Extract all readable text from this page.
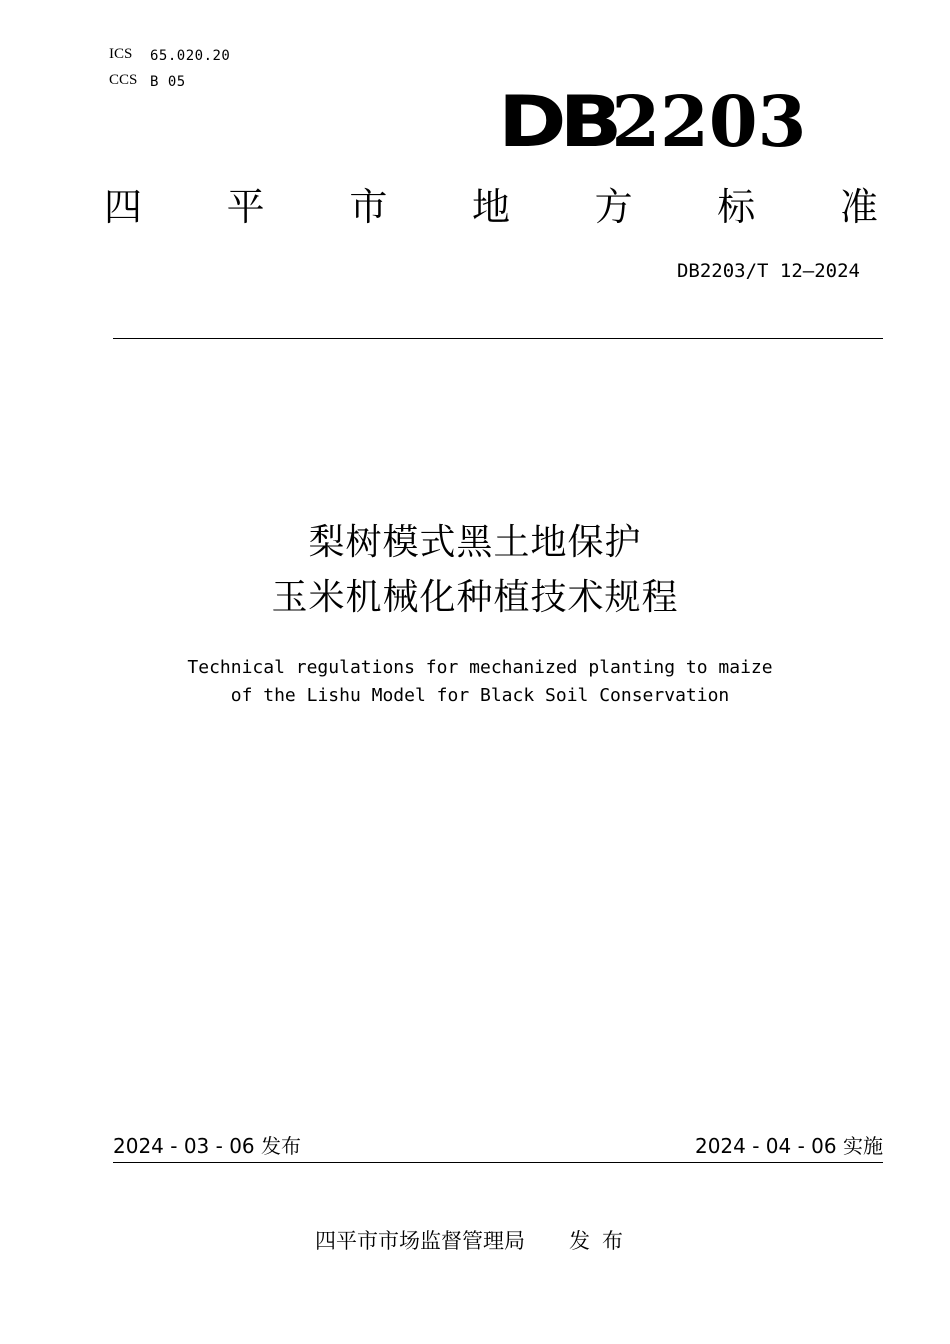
ICS 65.020.20
CCS B 05	DB2203
四 平 市 地 方 标 准
DB2203/T 12—2024
梨树模式黑土地保护
玉米机械化种植技术规程
Technical regulations for mechanized planting to maize
of the Lishu Model for Black Soil Conservation
2024 - 03 - 06 发布	2024 - 04 - 06 实施
四平市市场监督管理局 发布
